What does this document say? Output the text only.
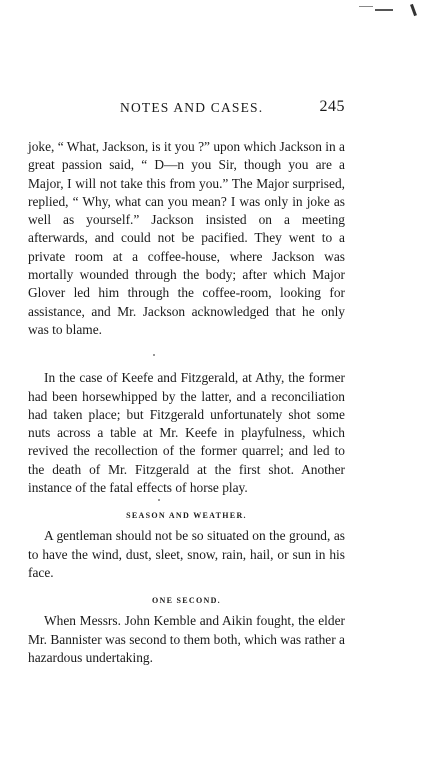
NOTES AND CASES.	245

joke, “ What, Jackson, is it you ?” upon which Jackson in a great passion said, “ D—n you Sir, though you are a Major, I will not take this from you.” The Major surprised, replied, “ Why, what can you mean? I was only in joke as well as yourself.” Jackson insisted on a meeting afterwards, and could not be pacified. They went to a private room at a coffee-house, where Jackson was mortally wounded through the body; after which Major Glover led him through the coffee-room, looking for assistance, and Mr. Jackson acknowledged that he only was to blame.

In the case of Keefe and Fitzgerald, at Athy, the former had been horsewhipped by the latter, and a reconciliation had taken place; but Fitzgerald unfortunately shot some nuts across a table at Mr. Keefe in playfulness, which revived the recollection of the former quarrel; and led to the death of Mr. Fitzgerald at the first shot. Another instance of the fatal effects of horse play.

SEASON AND WEATHER.

A gentleman should not be so situated on the ground, as to have the wind, dust, sleet, snow, rain, hail, or sun in his face.

ONE SECOND.

When Messrs. John Kemble and Aikin fought, the elder Mr. Bannister was second to them both, which was rather a hazardous undertaking.
